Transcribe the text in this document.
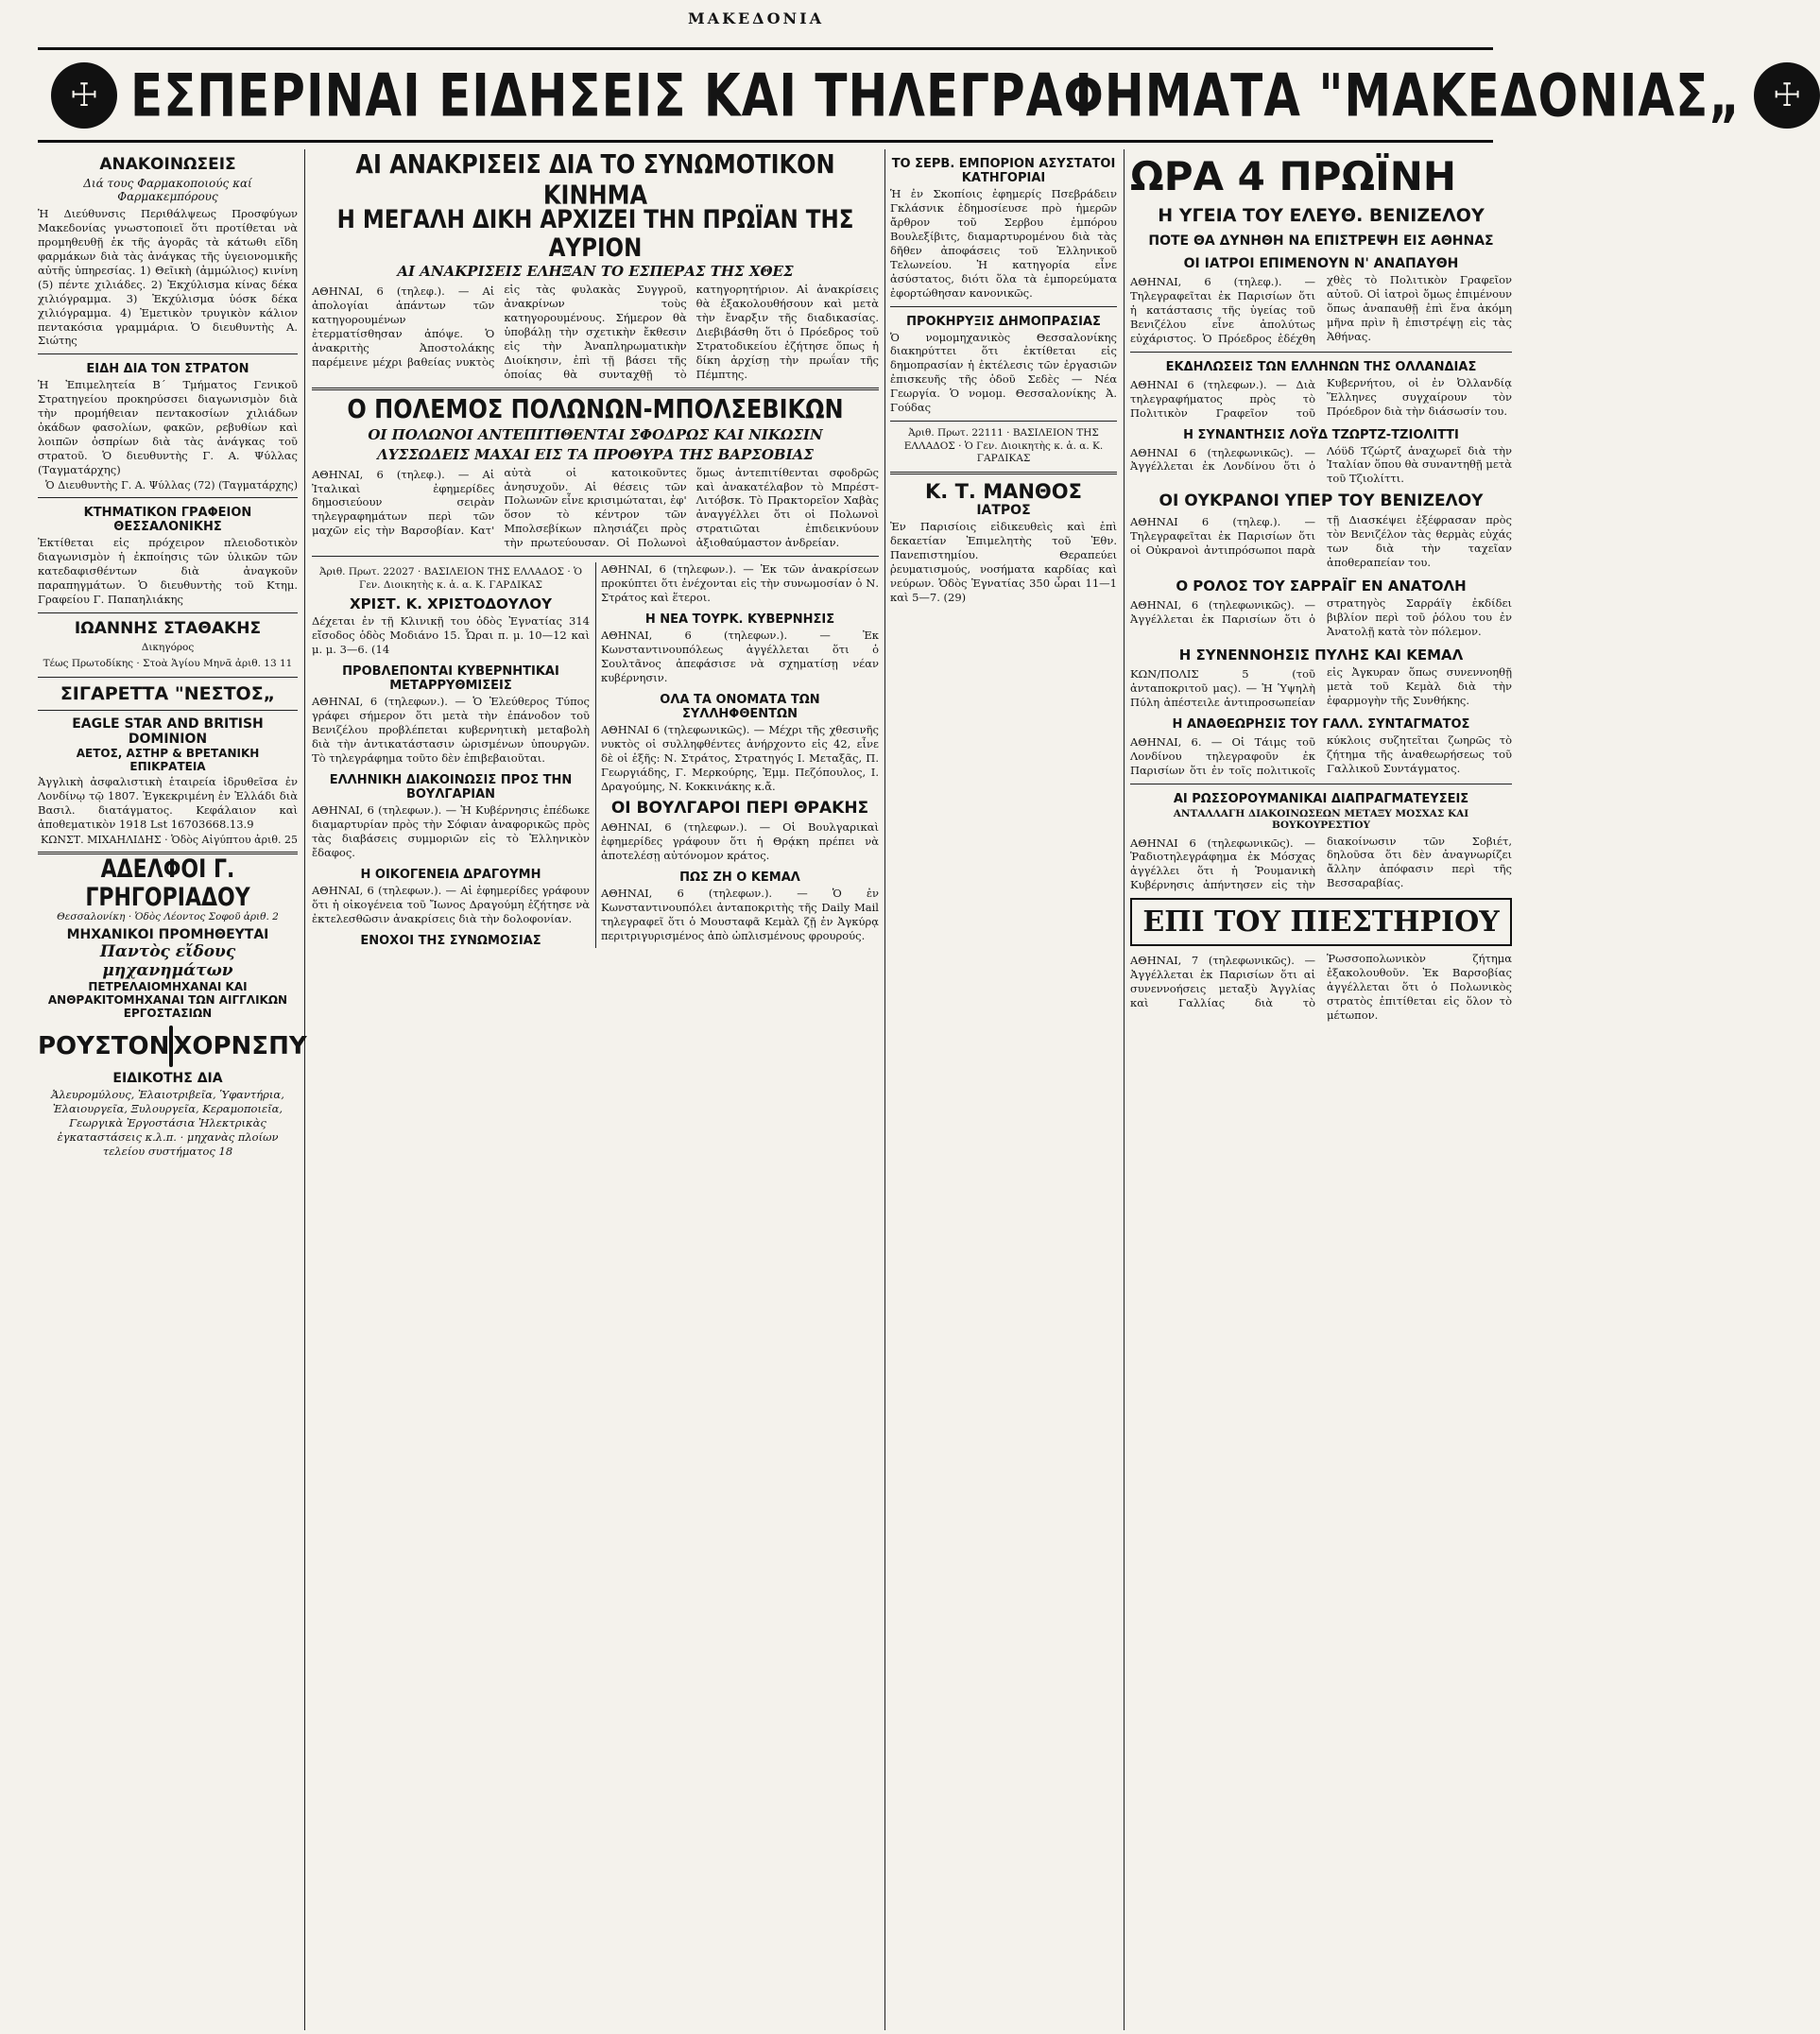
ΜΑΚΕΔΟΝΙΑ
☩ ΕΣΠΕΡΙΝΑΙ ΕΙΔΗΣΕΙΣ ΚΑΙ ΤΗΛΕΓΡΑΦΗΜΑΤΑ "ΜΑΚΕΔΟΝΙΑΣ„ ☩
ΑΝΑΚΟΙΝΩΣΕΙΣ
Διά τους Φαρμακοποιούς καί Φαρμακεμπόρους

Ἡ Διεύθυνσις Περιθάλψεως Προσφύγων Μακεδονίας γνωστοποιεῖ ὅτι προτίθεται νὰ προμηθευθῇ ἐκ τῆς ἀγορᾶς τὰ κάτωθι εἴδη φαρμάκων διὰ τὰς ἀνάγκας τῆς ὑγειονομικῆς αὐτῆς ὑπηρεσίας. 1) Θεῖικὴ (ἀμμώλιος) κινίνη (5) πέντε χιλιάδες. 2) Ἐκχύλισμα κίνας δέκα χιλιόγραμμα. 3) Ἐκχύλισμα ὑόσκ δέκα χιλιόγραμμα. 4) Ἐμετικὸν τρυγικὸν κάλιον πεντακόσια γραμμάρια. Ὁ διευθυντὴς Α. Σιώτης

ΕΙΔΗ ΔΙΑ ΤΟΝ ΣΤΡΑΤΟΝ

Ἡ Ἐπιμελητεία Β΄ Τμήματος Γενικοῦ Στρατηγείου προκηρύσσει διαγωνισμὸν διὰ τὴν προμήθειαν πεντακοσίων χιλιάδων ὀκάδων φασολίων, φακῶν, ρεβυθίων καὶ λοιπῶν ὀσπρίων διὰ τὰς ἀνάγκας τοῦ στρατοῦ. Ὁ διευθυντὴς Γ. Α. Ψύλλας (Ταγματάρχης)

Ὁ Διευθυντὴς Γ. Α. Ψύλλας (72) (Ταγματάρχης)
ΚΤΗΜΑΤΙΚΟΝ ΓΡΑΦΕΙΟΝ ΘΕΣΣΑΛΟΝΙΚΗΣ

Ἐκτίθεται εἰς πρόχειρον πλειοδοτικὸν διαγωνισμὸν ἡ ἐκποίησις τῶν ὑλικῶν τῶν κατεδαφισθέντων διὰ ἀναγκοῦν παραπηγμάτων. Ὁ διευθυντὴς τοῦ Κτημ. Γραφείου Γ. Παπαηλιάκης

ΙΩΑΝΝΗΣ ΣΤΑΘΑΚΗΣ
Δικηγόρος
Τέως Πρωτοδίκης · Στοὰ Ἁγίου Μηνᾶ ἀριθ. 13 11
ΣΙΓΑΡΕΤΤΑ "ΝΕΣΤΟΣ„
EAGLE STAR AND BRITISH DOMINION
ΑΕΤΟΣ, ΑΣΤΗΡ & ΒΡΕΤΑΝΙΚΗ ΕΠΙΚΡΑΤΕΙΑ

Ἀγγλικὴ ἀσφαλιστικὴ ἑταιρεία ἱδρυθεῖσα ἐν Λονδίνῳ τῷ 1807. Ἐγκεκριμένη ἐν Ἑλλάδι διὰ Βασιλ. διατάγματος. Κεφάλαιον καὶ ἀποθεματικὸν 1918 Lst 16703668.13.9

ΚΩΝΣΤ. ΜΙΧΑΗΛΙΔΗΣ · Ὁδὸς Αἰγύπτου ἀριθ. 25
ΑΔΕΛΦΟΙ Γ. ΓΡΗΓΟΡΙΑΔΟΥ
Θεσσαλονίκη · Ὁδὸς Λέοντος Σοφοῦ ἀριθ. 2
ΜΗΧΑΝΙΚΟΙ ΠΡΟΜΗΘΕΥΤΑΙ
Παντὸς εἴδους μηχανημάτων
ΠΕΤΡΕΛΑΙΟΜΗΧΑΝΑΙ ΚΑΙ ΑΝΘΡΑΚΙΤΟΜΗΧΑΝΑΙ ΤΩΝ ΑΙΓΓΛΙΚΩΝ ΕΡΓΟΣΤΑΣΙΩΝ
ΡΟΥΣΤΟΝ ΧΟΡΝΣΠΥ
ΕΙΔΙΚΟΤΗΣ ΔΙΑ

Ἀλευρομύλους, Ἐλαιοτριβεῖα, Ὑφαντήρια, Ἐλαιουργεῖα, Ξυλουργεῖα, Κεραμοποιεῖα, Γεωργικὰ Ἐργοστάσια Ἠλεκτρικὰς ἐγκαταστάσεις κ.λ.π. · μηχανὰς πλοίων τελείου συστήματος 18

ΑΙ ΑΝΑΚΡΙΣΕΙΣ ΔΙΑ ΤΟ ΣΥΝΩΜΟΤΙΚΟΝ ΚΙΝΗΜΑ
Η ΜΕΓΑΛΗ ΔΙΚΗ ΑΡΧΙΖΕΙ ΤΗΝ ΠΡΩΪΑΝ ΤΗΣ ΑΥΡΙΟΝ
ΑΙ ΑΝΑΚΡΙΣΕΙΣ ΕΛΗΞΑΝ ΤΟ ΕΣΠΕΡΑΣ ΤΗΣ ΧΘΕΣ

ΑΘΗΝΑΙ, 6 (τηλεφ.). — Αἱ ἀπολογίαι ἁπάντων τῶν κατηγορουμένων ἐτερματίσθησαν ἀπόψε. Ὁ ἀνακριτὴς Ἀποστολάκης παρέμεινε μέχρι βαθείας νυκτὸς εἰς τὰς φυλακὰς Συγγροῦ, ἀνακρίνων τοὺς κατηγορουμένους. Σήμερον θὰ ὑποβάλῃ τὴν σχετικὴν ἔκθεσιν εἰς τὴν Ἀναπληρωματικὴν Διοίκησιν, ἐπὶ τῇ βάσει τῆς ὁποίας θὰ συνταχθῇ τὸ κατηγορητήριον. Αἱ ἀνακρίσεις θὰ ἐξακολουθήσουν καὶ μετὰ τὴν ἔναρξιν τῆς διαδικασίας. Διεβιβάσθη ὅτι ὁ Πρόεδρος τοῦ Στρατοδικείου ἐζήτησε ὅπως ἡ δίκη ἀρχίσῃ τὴν πρωΐαν τῆς Πέμπτης.

Ο ΠΟΛΕΜΟΣ ΠΟΛΩΝΩΝ-ΜΠΟΛΣΕΒΙΚΩΝ
ΟΙ ΠΟΛΩΝΟΙ ΑΝΤΕΠΙΤΙΘΕΝΤΑΙ ΣΦΟΔΡΩΣ ΚΑΙ ΝΙΚΩΣΙΝ
ΛΥΣΣΩΔΕΙΣ ΜΑΧΑΙ ΕΙΣ ΤΑ ΠΡΟΘΥΡΑ ΤΗΣ ΒΑΡΣΟΒΙΑΣ

ΑΘΗΝΑΙ, 6 (τηλεφ.). — Αἱ Ἰταλικαὶ ἐφημερίδες δημοσιεύουν σειρὰν τηλεγραφημάτων περὶ τῶν μαχῶν εἰς τὴν Βαρσοβίαν. Κατ' αὐτὰ οἱ κατοικοῦντες ἀνησυχοῦν. Αἱ θέσεις τῶν Πολωνῶν εἶνε κρισιμώταται, ἐφ' ὅσον τὸ κέντρον τῶν Μπολσεβίκων πλησιάζει πρὸς τὴν πρωτεύουσαν. Οἱ Πολωνοὶ ὅμως ἀντεπιτίθενται σφοδρῶς καὶ ἀνακατέλαβον τὸ Μπρέστ-Λιτόβσκ. Τὸ Πρακτορεῖον Χαβὰς ἀναγγέλλει ὅτι οἱ Πολωνοὶ στρατιῶται ἐπιδεικνύουν ἀξιοθαύμαστον ἀνδρείαν.

Ἀριθ. Πρωτ. 22027 · ΒΑΣΙΛΕΙΟΝ ΤΗΣ ΕΛΛΑΔΟΣ · Ὁ Γεν. Διοικητὴς κ. ἁ. α. Κ. ΓΑΡΔΙΚΑΣ
ΧΡΙΣΤ. Κ. ΧΡΙΣΤΟΔΟΥΛΟΥ

Δέχεται ἐν τῇ Κλινικῇ του ὁδὸς Ἐγνατίας 314 εἴσοδος ὁδὸς Μοδιάνο 15. Ὧραι π. μ. 10—12 καὶ μ. μ. 3—6. (14

ΠΡΟΒΛΕΠΟΝΤΑΙ ΚΥΒΕΡΝΗΤΙΚΑΙ ΜΕΤΑΡΡΥΘΜΙΣΕΙΣ

ΑΘΗΝΑΙ, 6 (τηλεφων.). — Ὁ Ἐλεύθερος Τύπος γράφει σήμερον ὅτι μετὰ τὴν ἐπάνοδον τοῦ Βενιζέλου προβλέπεται κυβερνητικὴ μεταβολὴ διὰ τὴν ἀντικατάστασιν ὡρισμένων ὑπουργῶν. Τὸ τηλεγράφημα τοῦτο δὲν ἐπιβεβαιοῦται.

ΕΛΛΗΝΙΚΗ ΔΙΑΚΟΙΝΩΣΙΣ ΠΡΟΣ ΤΗΝ ΒΟΥΛΓΑΡΙΑΝ

ΑΘΗΝΑΙ, 6 (τηλεφων.). — Ἡ Κυβέρνησις ἐπέδωκε διαμαρτυρίαν πρὸς τὴν Σόφιαν ἀναφορικῶς πρὸς τὰς διαβάσεις συμμοριῶν εἰς τὸ Ἑλληνικὸν ἔδαφος.

Η ΟΙΚΟΓΕΝΕΙΑ ΔΡΑΓΟΥΜΗ

ΑΘΗΝΑΙ, 6 (τηλεφων.). — Αἱ ἐφημερίδες γράφουν ὅτι ἡ οἰκογένεια τοῦ Ἴωνος Δραγούμη ἐζήτησε νὰ ἐκτελεσθῶσιν ἀνακρίσεις διὰ τὴν δολοφονίαν.

ΕΝΟΧΟΙ ΤΗΣ ΣΥΝΩΜΟΣΙΑΣ

ΑΘΗΝΑΙ, 6 (τηλεφων.). — Ἐκ τῶν ἀνακρίσεων προκύπτει ὅτι ἐνέχονται εἰς τὴν συνωμοσίαν ὁ Ν. Στράτος καὶ ἕτεροι.

Η ΝΕΑ ΤΟΥΡΚ. ΚΥΒΕΡΝΗΣΙΣ

ΑΘΗΝΑΙ, 6 (τηλεφων.). — Ἐκ Κωνσταντινουπόλεως ἀγγέλλεται ὅτι ὁ Σουλτᾶνος ἀπεφάσισε νὰ σχηματίσῃ νέαν κυβέρνησιν.

ΟΛΑ ΤΑ ΟΝΟΜΑΤΑ ΤΩΝ ΣΥΛΛΗΦΘΕΝΤΩΝ

ΑΘΗΝΑΙ 6 (τηλεφωνικῶς). — Μέχρι τῆς χθεσινῆς νυκτὸς οἱ συλληφθέντες ἀνήρχοντο εἰς 42, εἶνε δὲ οἱ ἑξῆς: Ν. Στράτος, Στρατηγός Ι. Μεταξᾶς, Π. Γεωργιάδης, Γ. Μερκούρης, Ἐμμ. Πεζόπουλος, Ι. Δραγούμης, Ν. Κοκκινάκης κ.ἄ.

ΟΙ ΒΟΥΛΓΑΡΟΙ ΠΕΡΙ ΘΡΑΚΗΣ

ΑΘΗΝΑΙ, 6 (τηλεφων.). — Οἱ Βουλγαρικαὶ ἐφημερίδες γράφουν ὅτι ἡ Θρᾴκη πρέπει νὰ ἀποτελέσῃ αὐτόνομον κράτος.

ΠΩΣ ΖΗ Ο ΚΕΜΑΛ

ΑΘΗΝΑΙ, 6 (τηλεφων.). — Ὁ ἐν Κωνσταντινουπόλει ἀνταποκριτὴς τῆς Daily Mail τηλεγραφεῖ ὅτι ὁ Μουσταφᾶ Κεμὰλ ζῇ ἐν Ἀγκύρᾳ περιτριγυρισμένος ἀπὸ ὠπλισμένους φρουρούς.

ΤΟ ΣΕΡΒ. ΕΜΠΟΡΙΟΝ ΑΣΥΣΤΑΤΟΙ ΚΑΤΗΓΟΡΙΑΙ

Ἡ ἐν Σκοπίοις ἐφημερίς Πσεβράδειν Γκλάσνικ ἐδημοσίευσε πρὸ ἡμερῶν ἄρθρον τοῦ Σερβου ἐμπόρου Βουλεξίβιτς, διαμαρτυρομένου διὰ τὰς δῆθεν ἀποφάσεις τοῦ Ἑλληνικοῦ Τελωνείου. Ἡ κατηγορία εἶνε ἀσύστατος, διότι ὅλα τὰ ἐμπορεύματα ἐφορτώθησαν κανονικῶς.

ΠΡΟΚΗΡΥΞΙΣ ΔΗΜΟΠΡΑΣΙΑΣ

Ὁ νομομηχανικὸς Θεσσαλονίκης διακηρύττει ὅτι ἐκτίθεται εἰς δημοπρασίαν ἡ ἐκτέλεσις τῶν ἐργασιῶν ἐπισκευῆς τῆς ὁδοῦ Σεδὲς — Νέα Γεωργία. Ὁ νομομ. Θεσσαλονίκης Ἀ. Γούδας

Ἀριθ. Πρωτ. 22111 · ΒΑΣΙΛΕΙΟΝ ΤΗΣ ΕΛΛΑΔΟΣ · Ὁ Γεν. Διοικητὴς κ. ἁ. α. Κ. ΓΑΡΔΙΚΑΣ
Κ. Τ. ΜΑΝΘΟΣ
ΙΑΤΡΟΣ

Ἐν Παρισίοις εἰδικευθεὶς καὶ ἐπὶ δεκαετίαν Ἐπιμελητὴς τοῦ Ἐθν. Πανεπιστημίου. Θεραπεύει ῥευματισμούς, νοσήματα καρδίας καὶ νεύρων. Ὁδὸς Ἐγνατίας 350 ὧραι 11—1 καὶ 5—7. (29)

ΩΡΑ 4 ΠΡΩΪΝΗ
Η ΥΓΕΙΑ ΤΟΥ ΕΛΕΥΘ. ΒΕΝΙΖΕΛΟΥ
ΠΟΤΕ ΘΑ ΔΥΝΗΘΗ ΝΑ ΕΠΙΣΤΡΕΨΗ ΕΙΣ ΑΘΗΝΑΣ
ΟΙ ΙΑΤΡΟΙ ΕΠΙΜΕΝΟΥΝ Ν' ΑΝΑΠΑΥΘΗ

ΑΘΗΝΑΙ, 6 (τηλεφ.). — Τηλεγραφεῖται ἐκ Παρισίων ὅτι ἡ κατάστασις τῆς ὑγείας τοῦ Βενιζέλου εἶνε ἀπολύτως εὐχάριστος. Ὁ Πρόεδρος ἐδέχθη χθὲς τὸ Πολιτικὸν Γραφεῖον αὐτοῦ. Οἱ ἰατροὶ ὅμως ἐπιμένουν ὅπως ἀναπαυθῇ ἐπὶ ἕνα ἀκόμη μῆνα πρὶν ἢ ἐπιστρέψῃ εἰς τὰς Ἀθήνας.

ΕΚΔΗΛΩΣΕΙΣ ΤΩΝ ΕΛΛΗΝΩΝ ΤΗΣ ΟΛΛΑΝΔΙΑΣ

ΑΘΗΝΑΙ 6 (τηλεφων.). — Διὰ τηλεγραφήματος πρὸς τὸ Πολιτικὸν Γραφεῖον τοῦ Κυβερνήτου, οἱ ἐν Ὀλλανδίᾳ Ἕλληνες συγχαίρουν τὸν Πρόεδρον διὰ τὴν διάσωσίν του.

Η ΣΥΝΑΝΤΗΣΙΣ ΛΟΫΔ ΤΖΩΡΤΖ-ΤΖΙΟΛΙΤΤΙ

ΑΘΗΝΑΙ 6 (τηλεφωνικῶς). — Ἀγγέλλεται ἐκ Λονδίνου ὅτι ὁ Λόϋδ Τζώρτζ ἀναχωρεῖ διὰ τὴν Ἰταλίαν ὅπου θὰ συναντηθῇ μετὰ τοῦ Τζιολίττι.

ΟΙ ΟΥΚΡΑΝΟΙ ΥΠΕΡ ΤΟΥ ΒΕΝΙΖΕΛΟΥ

ΑΘΗΝΑΙ 6 (τηλεφ.). — Τηλεγραφεῖται ἐκ Παρισίων ὅτι οἱ Οὐκρανοὶ ἀντιπρόσωποι παρὰ τῇ Διασκέψει ἐξέφρασαν πρὸς τὸν Βενιζέλον τὰς θερμὰς εὐχάς των διὰ τὴν ταχεῖαν ἀποθεραπείαν του.

Ο ΡΟΛΟΣ ΤΟΥ ΣΑΡΡΑΪΓ ΕΝ ΑΝΑΤΟΛΗ

ΑΘΗΝΑΙ, 6 (τηλεφωνικῶς). — Ἀγγέλλεται ἐκ Παρισίων ὅτι ὁ στρατηγὸς Σαρράϊγ ἐκδίδει βιβλίον περὶ τοῦ ῥόλου του ἐν Ἀνατολῇ κατὰ τὸν πόλεμον.

Η ΣΥΝΕΝΝΟΗΣΙΣ ΠΥΛΗΣ ΚΑΙ ΚΕΜΑΛ

ΚΩΝ/ΠΟΛΙΣ 5 (τοῦ ἀνταποκριτοῦ μας). — Ἡ Ὑψηλὴ Πύλη ἀπέστειλε ἀντιπροσωπείαν εἰς Ἀγκυραν ὅπως συνεννοηθῇ μετὰ τοῦ Κεμὰλ διὰ τὴν ἐφαρμογὴν τῆς Συνθήκης.

Η ΑΝΑΘΕΩΡΗΣΙΣ ΤΟΥ ΓΑΛΛ. ΣΥΝΤΑΓΜΑΤΟΣ

ΑΘΗΝΑΙ, 6. — Οἱ Τάιμς τοῦ Λονδίνου τηλεγραφοῦν ἐκ Παρισίων ὅτι ἐν τοῖς πολιτικοῖς κύκλοις συζητεῖται ζωηρῶς τὸ ζήτημα τῆς ἀναθεωρήσεως τοῦ Γαλλικοῦ Συντάγματος.

ΑΙ ΡΩΣΣΟΡΟΥΜΑΝΙΚΑΙ ΔΙΑΠΡΑΓΜΑΤΕΥΣΕΙΣ
ΑΝΤΑΛΛΑΓΗ ΔΙΑΚΟΙΝΩΣΕΩΝ ΜΕΤΑΞΥ ΜΟΣΧΑΣ ΚΑΙ ΒΟΥΚΟΥΡΕΣΤΙΟΥ

ΑΘΗΝΑΙ 6 (τηλεφωνικῶς). — Ῥαδιοτηλεγράφημα ἐκ Μόσχας ἀγγέλλει ὅτι ἡ Ῥουμανικὴ Κυβέρνησις ἀπήντησεν εἰς τὴν διακοίνωσιν τῶν Σοβιέτ, δηλοῦσα ὅτι δὲν ἀναγνωρίζει ἄλλην ἀπόφασιν περὶ τῆς Βεσσαραβίας.

ΕΠΙ ΤΟΥ ΠΙΕΣΤΗΡΙΟΥ

ΑΘΗΝΑΙ, 7 (τηλεφωνικῶς). — Ἀγγέλλεται ἐκ Παρισίων ὅτι αἱ συνεννοήσεις μεταξὺ Ἀγγλίας καὶ Γαλλίας διὰ τὸ Ῥωσσοπολωνικὸν ζήτημα ἐξακολουθοῦν. Ἐκ Βαρσοβίας ἀγγέλλεται ὅτι ὁ Πολωνικὸς στρατὸς ἐπιτίθεται εἰς ὅλον τὸ μέτωπον.
